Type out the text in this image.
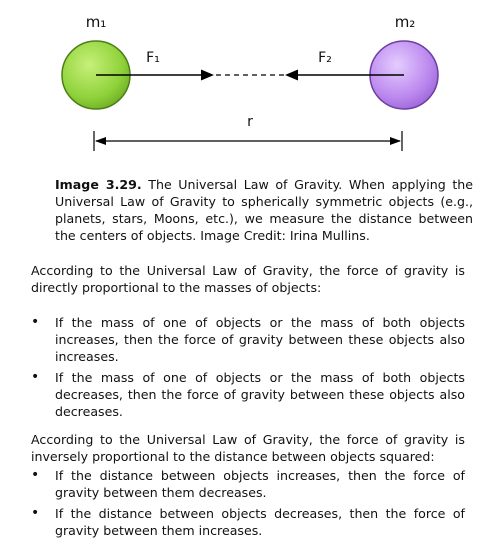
m₁	m₂
F₁	F₂
r

Image 3.29. The Universal Law of Gravity. When applying the Universal Law of Gravity to spherically symmetric objects (e.g., planets, stars, Moons, etc.), we measure the distance between the centers of objects. Image Credit: Irina Mullins.

According to the Universal Law of Gravity, the force of gravity is directly proportional to the masses of objects:

• If the mass of one of objects or the mass of both objects increases, then the force of gravity between these objects also increases.
• If the mass of one of objects or the mass of both objects decreases, then the force of gravity between these objects also decreases.

According to the Universal Law of Gravity, the force of gravity is inversely proportional to the distance between objects squared:

• If the distance between objects increases, then the force of gravity between them decreases.
• If the distance between objects decreases, then the force of gravity between them increases.
